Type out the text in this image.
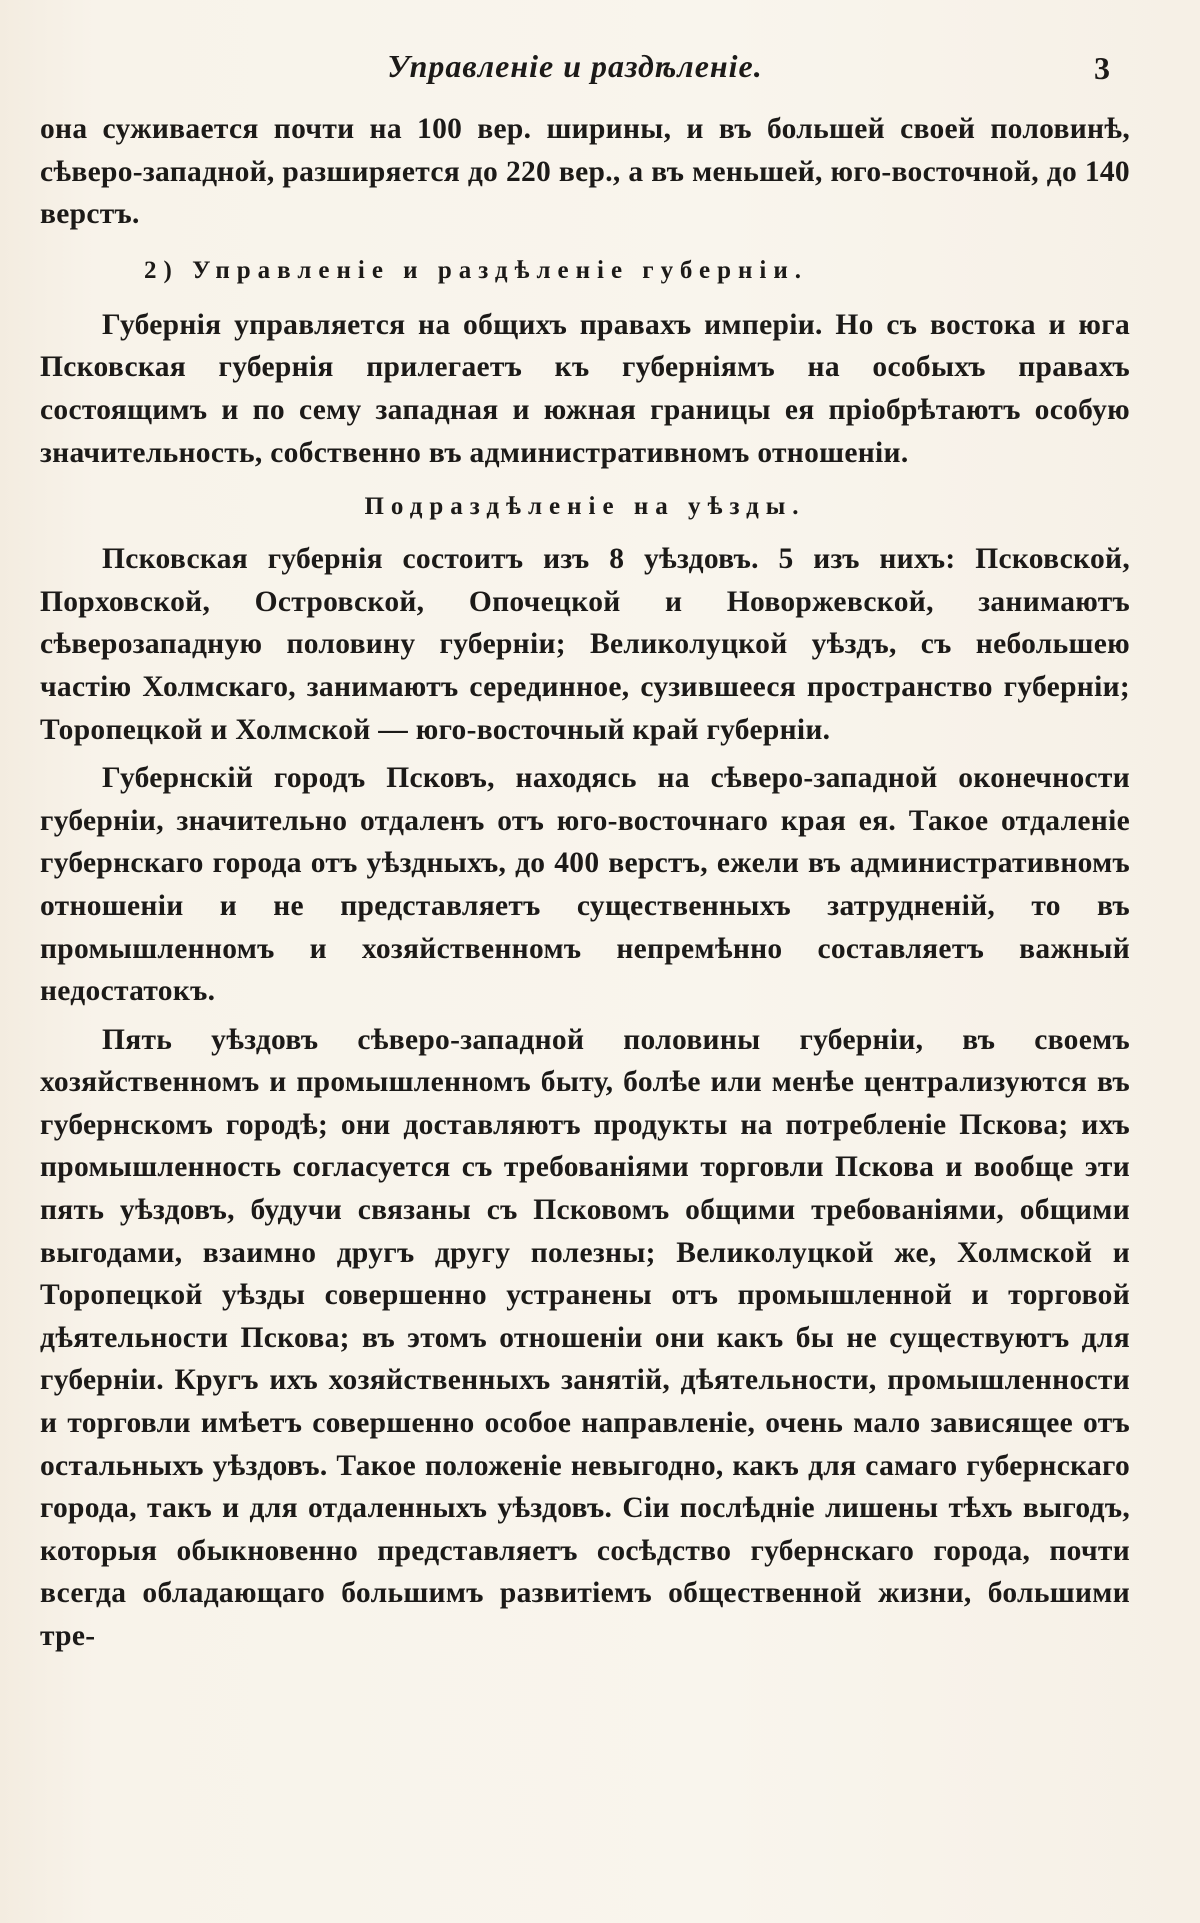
Управленіе и раздѣленіе.	3

она суживается почти на 100 вер. ширины, и въ большей своей половинѣ, сѣверо-западной, разширяется до 220 вер., а въ меньшей, юго-восточной, до 140 верстъ.

2) Управленіе и раздѣленіе губерніи.

Губернія управляется на общихъ правахъ имперіи. Но съ востока и юга Псковская губернія прилегаетъ къ губерніямъ на особыхъ правахъ состоящимъ и по сему западная и южная границы ея пріобрѣтаютъ особую значительность, собственно въ административномъ отношеніи.

Подраздѣленіе на уѣзды.

Псковская губернія состоитъ изъ 8 уѣздовъ. 5 изъ нихъ: Псковской, Порховской, Островской, Опочецкой и Новоржевской, занимаютъ сѣверозападную половину губерніи; Великолуцкой уѣздъ, съ небольшею частію Холмскаго, занимаютъ серединное, сузившееся пространство губерніи; Торопецкой и Холмской — юго-восточный край губерніи.

Губернскій городъ Псковъ, находясь на сѣверо-западной оконечности губерніи, значительно отдаленъ отъ юго-восточнаго края ея. Такое отдаленіе губернскаго города отъ уѣздныхъ, до 400 верстъ, ежели въ административномъ отношеніи и не представляетъ существенныхъ затрудненій, то въ промышленномъ и хозяйственномъ непремѣнно составляетъ важный недостатокъ.

Пять уѣздовъ сѣверо-западной половины губерніи, въ своемъ хозяйственномъ и промышленномъ быту, болѣе или менѣе централизуются въ губернскомъ городѣ; они доставляютъ продукты на потребленіе Пскова; ихъ промышленность согласуется съ требованіями торговли Пскова и вообще эти пять уѣздовъ, будучи связаны съ Псковомъ общими требованіями, общими выгодами, взаимно другъ другу полезны; Великолуцкой же, Холмской и Торопецкой уѣзды совершенно устранены отъ промышленной и торговой дѣятельности Пскова; въ этомъ отношеніи они какъ бы не существуютъ для губерніи. Кругъ ихъ хозяйственныхъ занятій, дѣятельности, промышленности и торговли имѣетъ совершенно особое направленіе, очень мало зависящее отъ остальныхъ уѣздовъ. Такое положеніе невыгодно, какъ для самаго губернскаго города, такъ и для отдаленныхъ уѣздовъ. Сіи послѣдніе лишены тѣхъ выгодъ, которыя обыкновенно представляетъ сосѣдство губернскаго города, почти всегда обладающаго большимъ развитіемъ общественной жизни, большими тре-
